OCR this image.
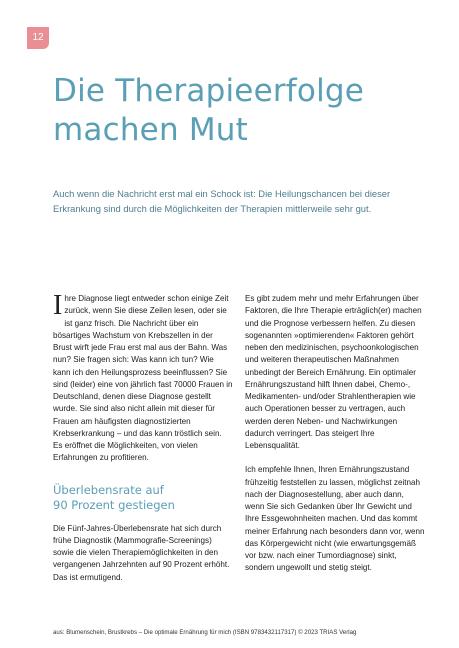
12
Die Therapieerfolge
machen Mut

Auch wenn die Nachricht erst mal ein Schock ist: Die Heilungschancen bei dieser Erkrankung sind durch die Möglichkeiten der Therapien mittlerweile sehr gut.

Ihre Diagnose liegt entweder schon einige Zeit zurück, wenn Sie diese Zeilen lesen, oder sie ist ganz frisch. Die Nachricht über ein bösartiges Wachstum von Krebszellen in der Brust wirft jede Frau erst mal aus der Bahn. Was nun? Sie fragen sich: Was kann ich tun? Wie kann ich den Heilungsprozess beeinflussen? Sie sind (leider) eine von jährlich fast 70000 Frauen in Deutschland, denen diese Diagnose gestellt wurde. Sie sind also nicht allein mit dieser für Frauen am häufigsten diagnostizierten Krebserkrankung – und das kann tröstlich sein. Es eröffnet die Möglichkeiten, von vielen Erfahrungen zu profitieren.

Überlebensrate auf
90 Prozent gestiegen

Die Fünf-Jahres-Überlebensrate hat sich durch frühe Diagnostik (Mammografie-Screenings) sowie die vielen Therapiemöglichkeiten in den vergangenen Jahrzehnten auf 90 Prozent erhöht. Das ist ermutigend.

Es gibt zudem mehr und mehr Erfahrungen über Faktoren, die Ihre Therapie erträglich(er) machen und die Prognose verbessern helfen. Zu diesen sogenannten »optimierenden« Faktoren gehört neben den medizinischen, psychoonkologischen und weiteren therapeutischen Maßnahmen unbedingt der Bereich Ernährung. Ein optimaler Ernährungszustand hilft Ihnen dabei, Chemo-, Medikamenten- und/oder Strahlentherapien wie auch Operationen besser zu vertragen, auch werden deren Neben- und Nachwirkungen dadurch verringert. Das steigert Ihre Lebensqualität.

Ich empfehle Ihnen, Ihren Ernährungszustand frühzeitig feststellen zu lassen, möglichst zeitnah nach der Diagnosestellung, aber auch dann, wenn Sie sich Gedanken über Ihr Gewicht und Ihre Essgewohnheiten machen. Und das kommt meiner Erfahrung nach besonders dann vor, wenn das Körpergewicht nicht (wie erwartungsgemäß vor bzw. nach einer Tumordiagnose) sinkt, sondern ungewollt und stetig steigt.

aus: Blumenschein, Brustkrebs – Die optimale Ernährung für mich (ISBN 9783432117317) © 2023 TRIAS Verlag
